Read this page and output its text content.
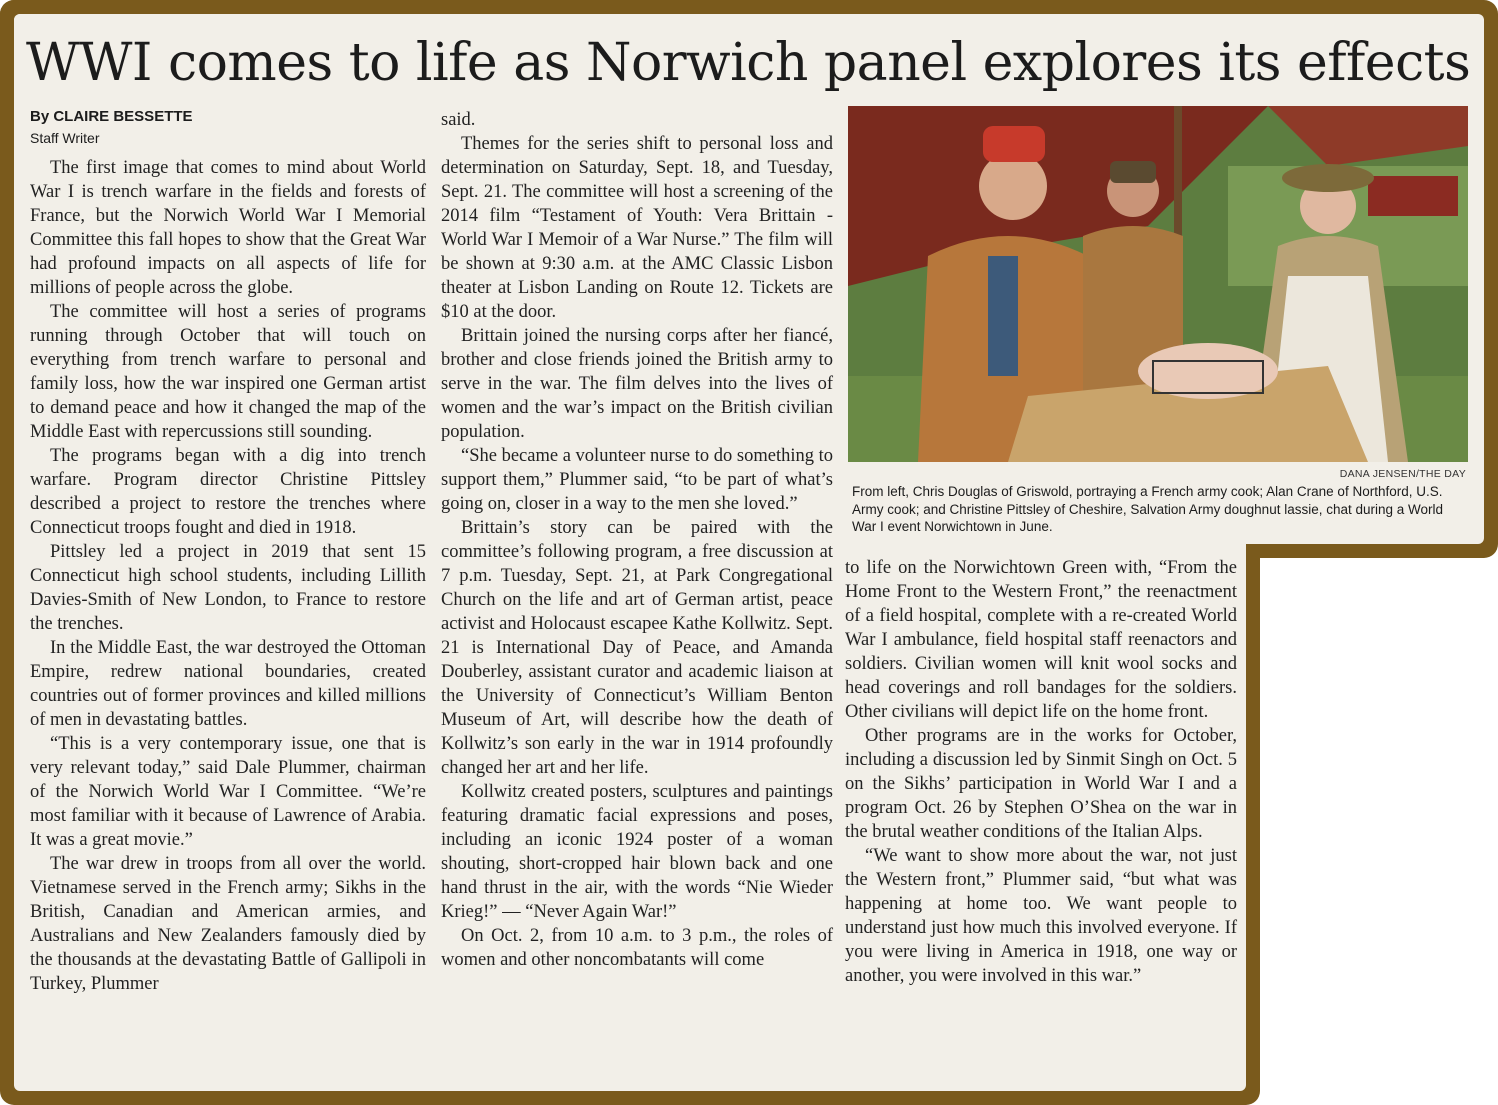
WWI comes to life as Norwich panel explores its effects
By CLAIRE BESSETTE
Staff Writer

The first image that comes to mind about World War I is trench warfare in the fields and forests of France, but the Norwich World War I Memorial Committee this fall hopes to show that the Great War had profound impacts on all aspects of life for millions of people across the globe.

The committee will host a series of programs running through October that will touch on everything from trench warfare to personal and family loss, how the war inspired one German artist to demand peace and how it changed the map of the Middle East with repercussions still sounding.

The programs began with a dig into trench warfare. Program director Christine Pittsley described a project to restore the trenches where Connecticut troops fought and died in 1918.

Pittsley led a project in 2019 that sent 15 Connecticut high school students, including Lillith Davies-Smith of New London, to France to restore the trenches.

In the Middle East, the war destroyed the Ottoman Empire, redrew national boundaries, created countries out of former provinces and killed millions of men in devastating battles.

“This is a very contemporary issue, one that is very relevant today,” said Dale Plummer, chairman of the Norwich World War I Committee. “We’re most familiar with it because of Lawrence of Arabia. It was a great movie.”

The war drew in troops from all over the world. Vietnamese served in the French army; Sikhs in the British, Canadian and American armies, and Australians and New Zealanders famously died by the thousands at the devastating Battle of Gallipoli in Turkey, Plummer

said.

Themes for the series shift to personal loss and determination on Saturday, Sept. 18, and Tuesday, Sept. 21. The committee will host a screening of the 2014 film “Testament of Youth: Vera Brittain - World War I Memoir of a War Nurse.” The film will be shown at 9:30 a.m. at the AMC Classic Lisbon theater at Lisbon Landing on Route 12. Tickets are $10 at the door.

Brittain joined the nursing corps after her fiancé, brother and close friends joined the British army to serve in the war. The film delves into the lives of women and the war’s impact on the British civilian population.

“She became a volunteer nurse to do something to support them,” Plummer said, “to be part of what’s going on, closer in a way to the men she loved.”

Brittain’s story can be paired with the committee’s following program, a free discussion at 7 p.m. Tuesday, Sept. 21, at Park Congregational Church on the life and art of German artist, peace activist and Holocaust escapee Kathe Kollwitz. Sept. 21 is International Day of Peace, and Amanda Douberley, assistant curator and academic liaison at the University of Connecticut’s William Benton Museum of Art, will describe how the death of Kollwitz’s son early in the war in 1914 profoundly changed her art and her life.

Kollwitz created posters, sculptures and paintings featuring dramatic facial expressions and poses, including an iconic 1924 poster of a woman shouting, short-cropped hair blown back and one hand thrust in the air, with the words “Nie Wieder Krieg!” — “Never Again War!”

On Oct. 2, from 10 a.m. to 3 p.m., the roles of women and other noncombatants will come

DANA JENSEN/THE DAY
From left, Chris Douglas of Griswold, portraying a French army cook; Alan Crane of Northford, U.S. Army cook; and Christine Pittsley of Cheshire, Salvation Army doughnut lassie, chat during a World War I event Norwichtown in June.

to life on the Norwichtown Green with, “From the Home Front to the Western Front,” the reenactment of a field hospital, complete with a re-created World War I ambulance, field hospital staff reenactors and soldiers. Civilian women will knit wool socks and head coverings and roll bandages for the soldiers. Other civilians will depict life on the home front.

Other programs are in the works for October, including a discussion led by Sinmit Singh on Oct. 5 on the Sikhs’ participation in World War I and a program Oct. 26 by Stephen O’Shea on the war in the brutal weather conditions of the Italian Alps.

“We want to show more about the war, not just the Western front,” Plummer said, “but what was happening at home too. We want people to understand just how much this involved everyone. If you were living in America in 1918, one way or another, you were involved in this war.”
